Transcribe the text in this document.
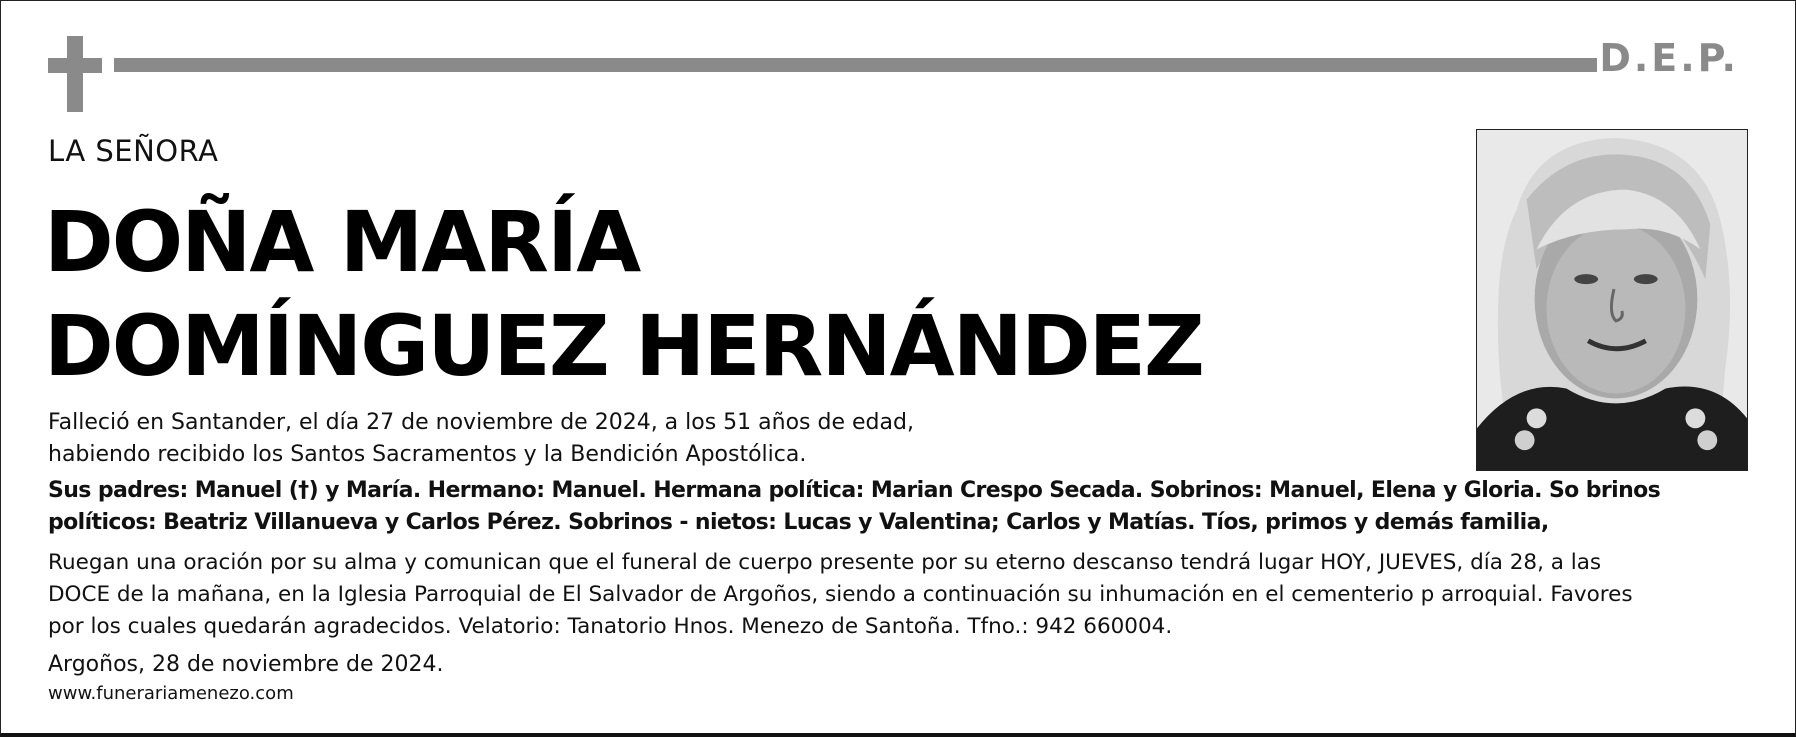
D.E.P.
LA SEÑORA
DOÑA MARÍA
DOMÍNGUEZ HERNÁNDEZ
Falleció en Santander, el día 27 de noviembre de 2024, a los 51 años de edad,
habiendo recibido los Santos Sacramentos y la Bendición Apostólica.
Sus padres: Manuel (†) y María. Hermano: Manuel. Hermana política: Marian Crespo Secada. Sobrinos: Manuel, Elena y Gloria. So brinos
políticos: Beatriz Villanueva y Carlos Pérez. Sobrinos - nietos: Lucas y Valentina; Carlos y Matías. Tíos, primos y demás familia,
Ruegan una oración por su alma y comunican que el funeral de cuerpo presente por su eterno descanso tendrá lugar HOY, JUEVES, día 28, a las
DOCE de la mañana, en la Iglesia Parroquial de El Salvador de Argoños, siendo a continuación su inhumación en el cementerio p arroquial. Favores
por los cuales quedarán agradecidos. Velatorio: Tanatorio Hnos. Menezo de Santoña. Tfno.: 942 660004.
Argoños, 28 de noviembre de 2024.
www.funerariamenezo.com
